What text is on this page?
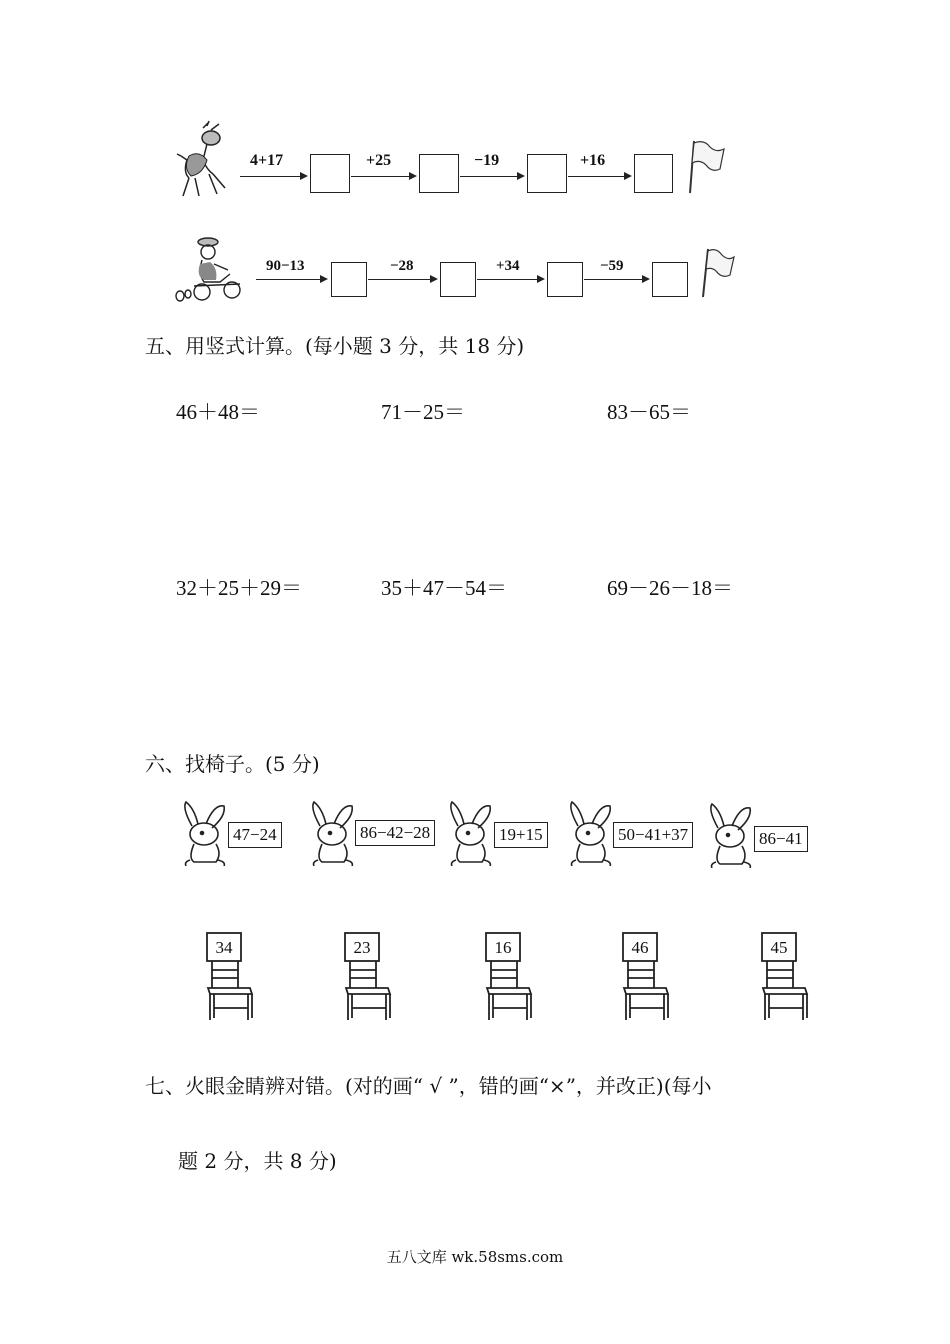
4+17	+25	−19	+16
90−13	−28	+34	−59
五、用竖式计算。(每小题 3 分，共 18 分)
46＋48＝	71－25＝	83－65＝
32＋25＋29＝	35＋47－54＝	69－26－18＝
六、找椅子。(5 分)
47−24	86−42−28	19+15	50−41+37	86−41
34	23	16	46	45
七、火眼金睛辨对错。(对的画“ √ ”，错的画“×”，并改正)(每小
题 2 分，共 8 分)
五八文库 wk.58sms.com
